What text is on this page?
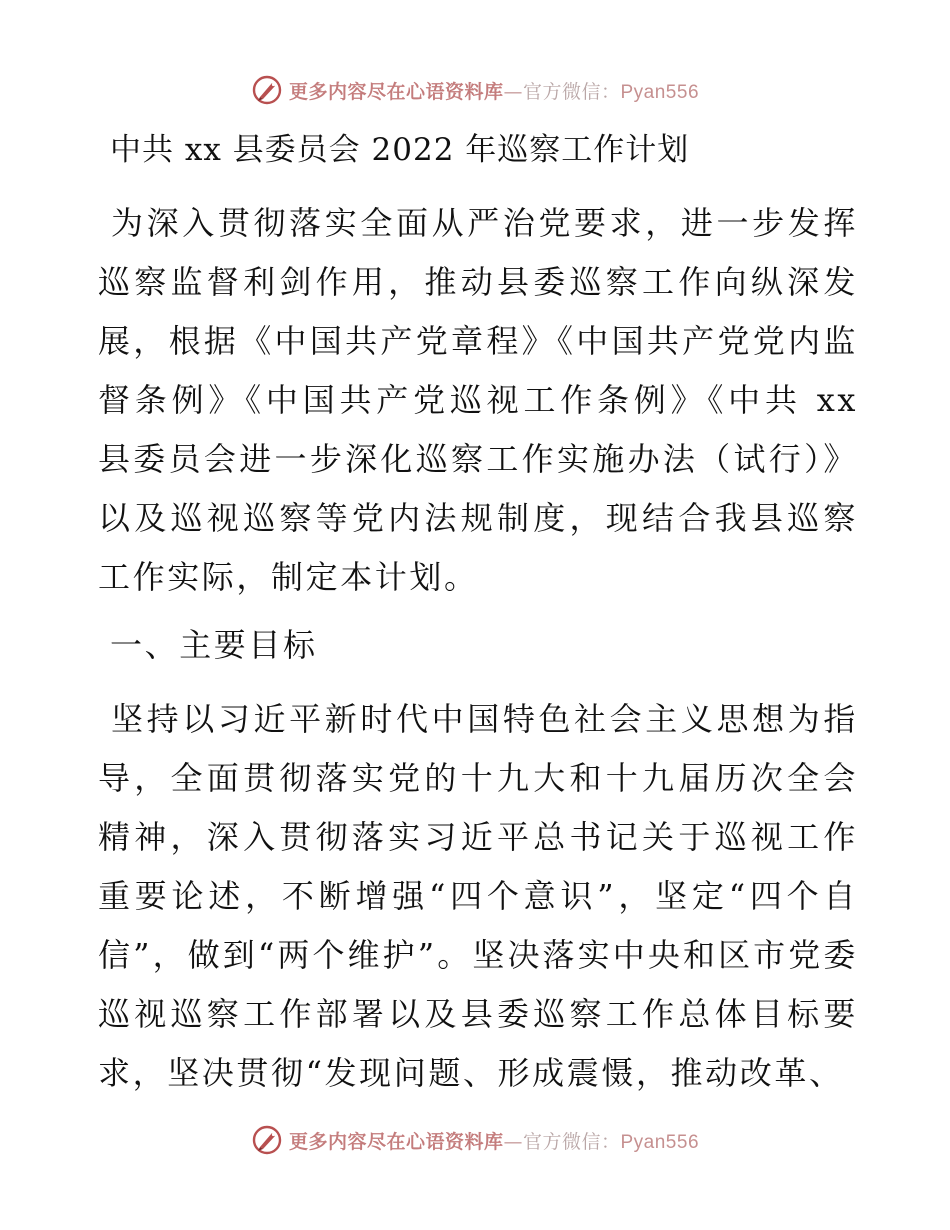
更多内容尽在心语资料库—官方微信：Pyan556
中共 xx 县委员会 2022 年巡察工作计划

为深入贯彻落实全面从严治党要求，进一步发挥巡察监督利剑作用，推动县委巡察工作向纵深发展，根据《中国共产党章程》《中国共产党党内监督条例》《中国共产党巡视工作条例》《中共 xx 县委员会进一步深化巡察工作实施办法（试行）》以及巡视巡察等党内法规制度，现结合我县巡察工作实际，制定本计划。

一、主要目标

坚持以习近平新时代中国特色社会主义思想为指导，全面贯彻落实党的十九大和十九届历次全会精神，深入贯彻落实习近平总书记关于巡视工作重要论述，不断增强“四个意识”，坚定“四个自信”，做到“两个维护”。坚决落实中央和区市党委巡视巡察工作部署以及县委巡察工作总体目标要求，坚决贯彻“发现问题、形成震慑，推动改革、

更多内容尽在心语资料库—官方微信：Pyan556
